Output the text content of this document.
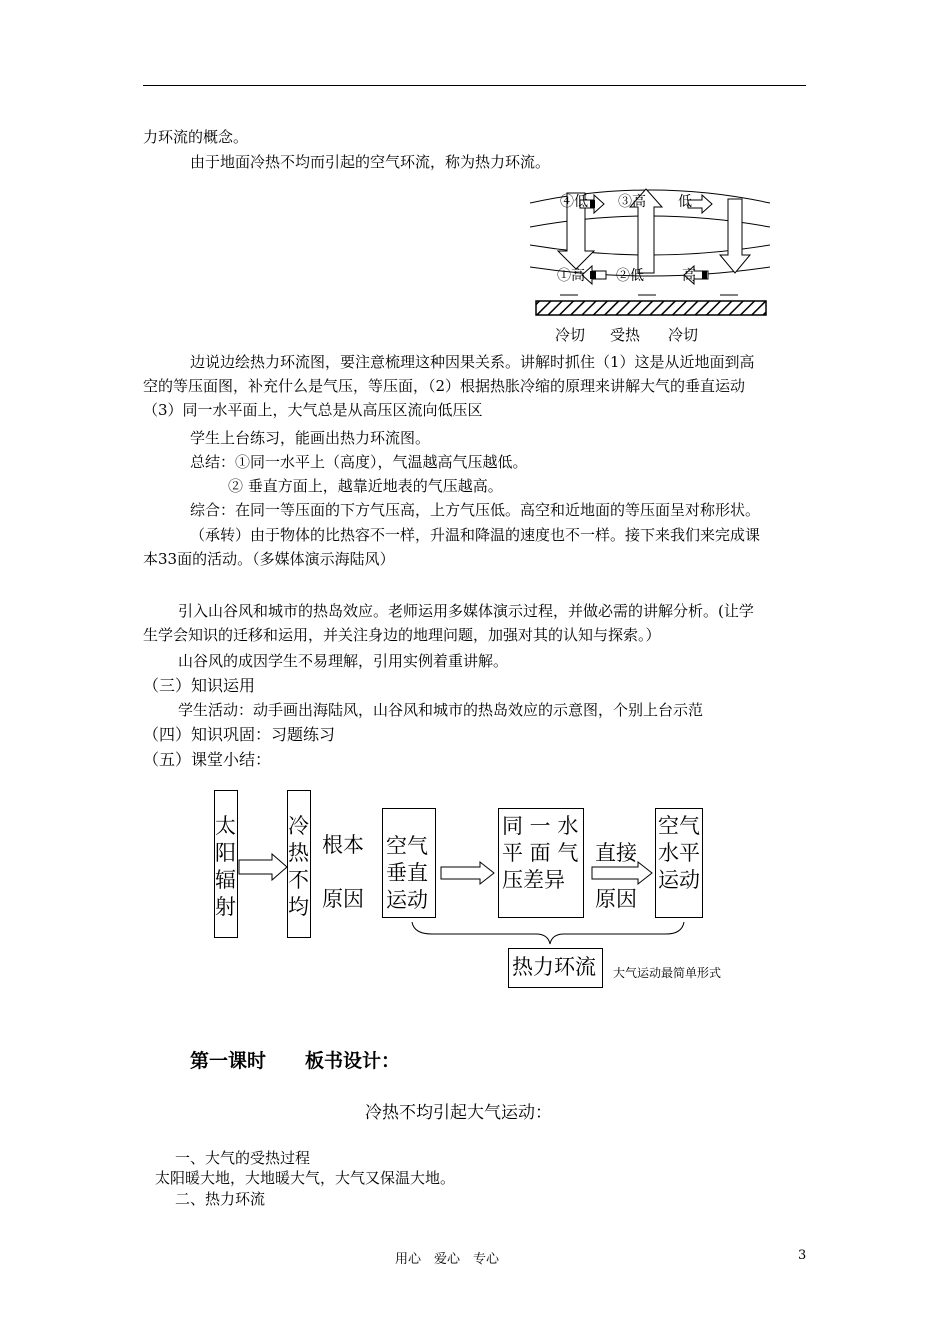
力环流的概念。
由于地面冷热不均而引起的空气环流，称为热力环流。
④低 ③高 低
①高 ②低	高
冷切 受热 冷切
边说边绘热力环流图，要注意梳理这种因果关系。讲解时抓住（1）这是从近地面到高
空的等压面图，补充什么是气压，等压面，（2）根据热胀冷缩的原理来讲解大气的垂直运动
（3）同一水平面上，大气总是从高压区流向低压区
学生上台练习，能画出热力环流图。
总结：①同一水平上（高度），气温越高气压越低。
② 垂直方面上，越靠近地表的气压越高。
综合：在同一等压面的下方气压高，上方气压低。高空和近地面的等压面呈对称形状。
（承转）由于物体的比热容不一样，升温和降温的速度也不一样。接下来我们来完成课
本33面的活动。（多媒体演示海陆风）
引入山谷风和城市的热岛效应。老师运用多媒体演示过程，并做必需的讲解分析。(让学
生学会知识的迁移和运用，并关注身边的地理问题，加强对其的认知与探索。）
山谷风的成因学生不易理解，引用实例着重讲解。
（三）知识运用
学生活动：动手画出海陆风，山谷风和城市的热岛效应的示意图，个别上台示范
（四）知识巩固：习题练习
（五）课堂小结：
太阳辐射
冷热不均
根本
原因
空气
垂直
运动
同 一 水
平 面 气
压差异
直接
原因
空气
水平
运动
热力环流	大气运动最简单形式
第一课时 板书设计：
冷热不均引起大气运动：
一、大气的受热过程
太阳暖大地，大地暖大气，大气又保温大地。
二、热力环流
用心　爱心　专心	3
